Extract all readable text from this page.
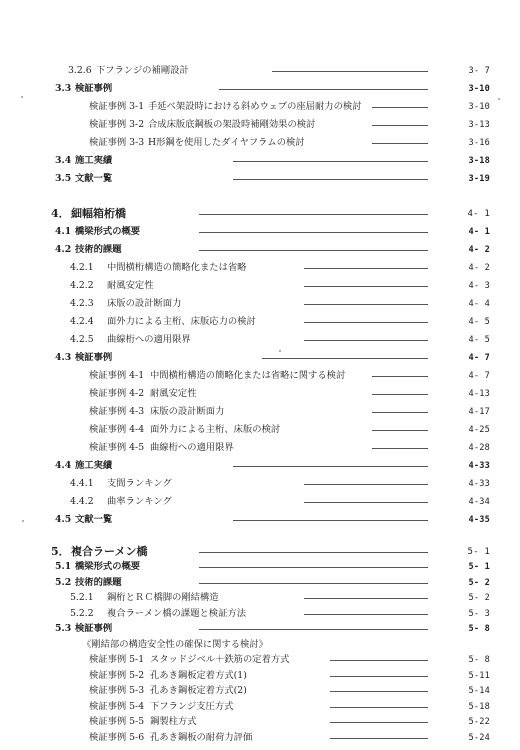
3.2.6 下フランジの補剛設計	3- 7
3.3 検証事例	3-10
検証事例 3-1 手延べ架設時における斜めウェブの座屈耐力の検討	3-10
検証事例 3-2 合成床版底鋼板の架設時補剛効果の検討	3-13
検証事例 3-3 H形鋼を使用したダイヤフラムの検討	3-16
3.4 施工実績	3-18
3.5 文献一覧	3-19
4． 細幅箱桁橋	4- 1
4.1 橋梁形式の概要	4- 1
4.2 技術的課題	4- 2
4.2.1 中間横桁構造の簡略化または省略	4- 2
4.2.2 耐風安定性	4- 3
4.2.3 床版の設計断面力	4- 4
4.2.4 面外力による主桁、床版応力の検討	4- 5
4.2.5 曲線桁への適用限界	4- 5
4.3 検証事例	4- 7
検証事例 4-1 中間横桁構造の簡略化または省略に関する検討	4- 7
検証事例 4-2 耐風安定性	4-13
検証事例 4-3 床版の設計断面力	4-17
検証事例 4-4 面外力による主桁、床版の検討	4-25
検証事例 4-5 曲線桁への適用限界	4-28
4.4 施工実績	4-33
4.4.1 支間ランキング	4-33
4.4.2 曲率ランキング	4-34
4.5 文献一覧	4-35
5． 複合ラーメン橋	5- 1
5.1 橋梁形式の概要	5- 1
5.2 技術的課題	5- 2
5.2.1 鋼桁とＲＣ橋脚の剛結構造	5- 2
5.2.2 複合ラーメン橋の課題と検証方法	5- 3
5.3 検証事例	5- 8
《剛結部の構造安全性の確保に関する検討》
検証事例 5-1 スタッドジベル＋鉄筋の定着方式	5- 8
検証事例 5-2 孔あき鋼板定着方式(1)	5-11
検証事例 5-3 孔あき鋼板定着方式(2)	5-14
検証事例 5-4 下フランジ支圧方式	5-18
検証事例 5-5 鋼製柱方式	5-22
検証事例 5-6 孔あき鋼板の耐荷力評価	5-24
